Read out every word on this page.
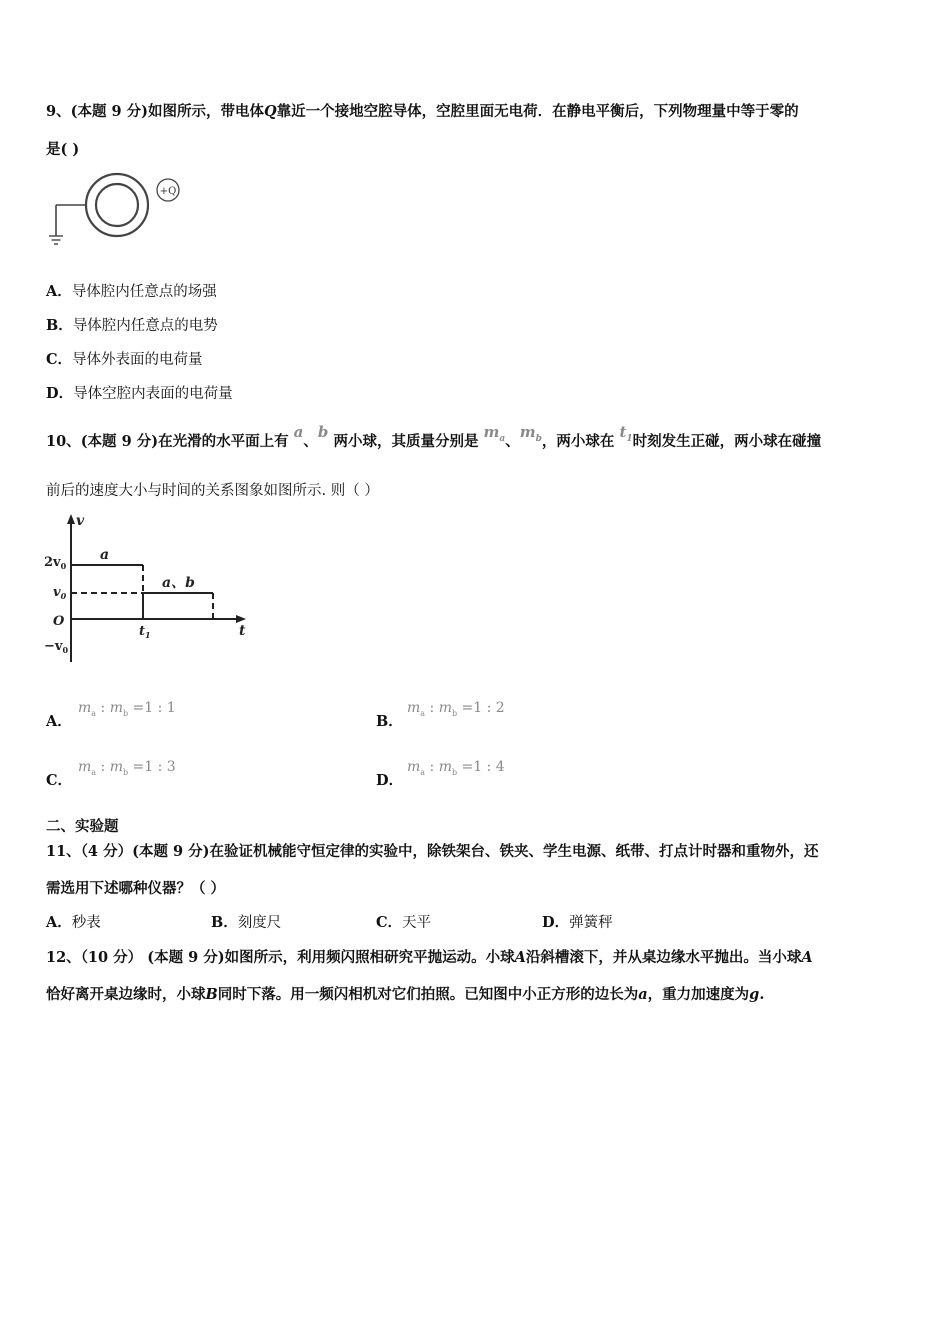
9、(本题 9 分)如图所示，带电体Q靠近一个接地空腔导体，空腔里面无电荷．在静电平衡后，下列物理量中等于零的
是( )
+Q
A．导体腔内任意点的场强
B．导体腔内任意点的电势
C．导体外表面的电荷量
D．导体空腔内表面的电荷量
10、(本题 9 分)在光滑的水平面上有 a、b 两小球，其质量分别是 $m_a$、$m_b$，两小球在 $t_1$时刻发生正碰，两小球在碰撞
前后的速度大小与时间的关系图象如图所示. 则（ ）
v
t
$2v_0$
$v_0$
O
$-v_0$
$t_1$
a
a、b
A．
$m_a$ : $m_b =1$ : 1
B．
$m_a$ : $m_b =1$ : 2
C．
$m_a$ : $m_b =1$ : 3
D．
$m_a$ : $m_b =1$ : 4
二、实验题
11、（4 分）(本题 9 分)在验证机械能守恒定律的实验中，除铁架台、铁夹、学生电源、纸带、打点计时器和重物外，还
需选用下述哪种仪器？（ ）
A．秒表	B．刻度尺	C．天平	D．弹簧秤
12、（10 分） (本题 9 分)如图所示，利用频闪照相研究平抛运动。小球A沿斜槽滚下，并从桌边缘水平抛出。当小球A
恰好离开桌边缘时，小球B同时下落。用一频闪相机对它们拍照。已知图中小正方形的边长为a，重力加速度为g.
